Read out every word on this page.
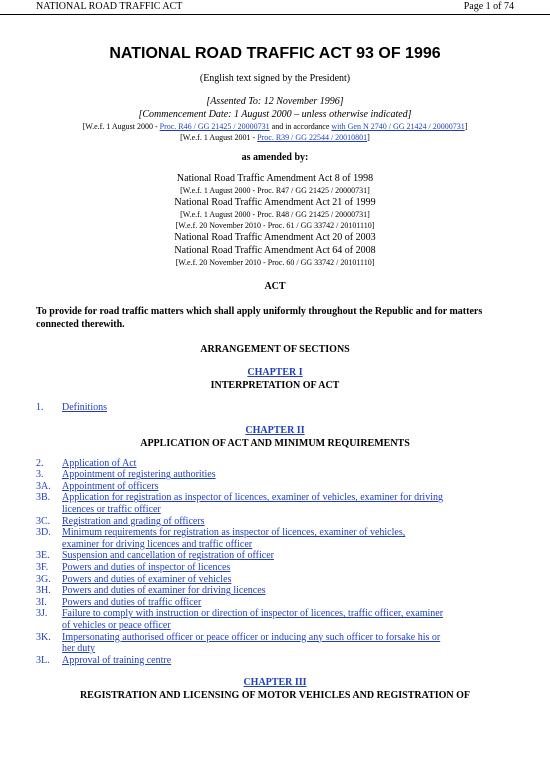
NATIONAL ROAD TRAFFIC ACT	Page 1 of 74
NATIONAL ROAD TRAFFIC ACT 93 OF 1996
(English text signed by the President)
[Assented To: 12 November 1996]
[Commencement Date: 1 August 2000 – unless otherwise indicated]
[W.e.f. 1 August 2000 - Proc. R46 / GG 21425 / 20000731 and in accordance with Gen N 2740 / GG 21424 / 20000731]
[W.e.f. 1 August 2001 - Proc. R39 / GG 22544 / 20010801]
as amended by:
National Road Traffic Amendment Act 8 of 1998
[W.e.f. 1 August 2000 - Proc. R47 / GG 21425 / 20000731]
National Road Traffic Amendment Act 21 of 1999
[W.e.f. 1 August 2000 - Proc. R48 / GG 21425 / 20000731]
[W.e.f. 20 November 2010 - Proc. 61 / GG 33742 / 20101110]
National Road Traffic Amendment Act 20 of 2003
National Road Traffic Amendment Act 64 of 2008
[W.e.f. 20 November 2010 - Proc. 60 / GG 33742 / 20101110]
ACT
To provide for road traffic matters which shall apply uniformly throughout the Republic and for matters connected therewith.
ARRANGEMENT OF SECTIONS
CHAPTER I
INTERPRETATION OF ACT
1. Definitions
CHAPTER II
APPLICATION OF ACT AND MINIMUM REQUIREMENTS
2. Application of Act
3. Appointment of registering authorities
3A. Appointment of officers
3B. Application for registration as inspector of licences, examiner of vehicles, examiner for driving
licences or traffic officer
3C. Registration and grading of officers
3D. Minimum requirements for registration as inspector of licences, examiner of vehicles,
examiner for driving licences and traffic officer
3E. Suspension and cancellation of registration of officer
3F. Powers and duties of inspector of licences
3G. Powers and duties of examiner of vehicles
3H. Powers and duties of examiner for driving licences
3I. Powers and duties of traffic officer
3J. Failure to comply with instruction or direction of inspector of licences, traffic officer, examiner
of vehicles or peace officer
3K. Impersonating authorised officer or peace officer or inducing any such officer to forsake his or
her duty
3L. Approval of training centre
CHAPTER III
REGISTRATION AND LICENSING OF MOTOR VEHICLES AND REGISTRATION OF
